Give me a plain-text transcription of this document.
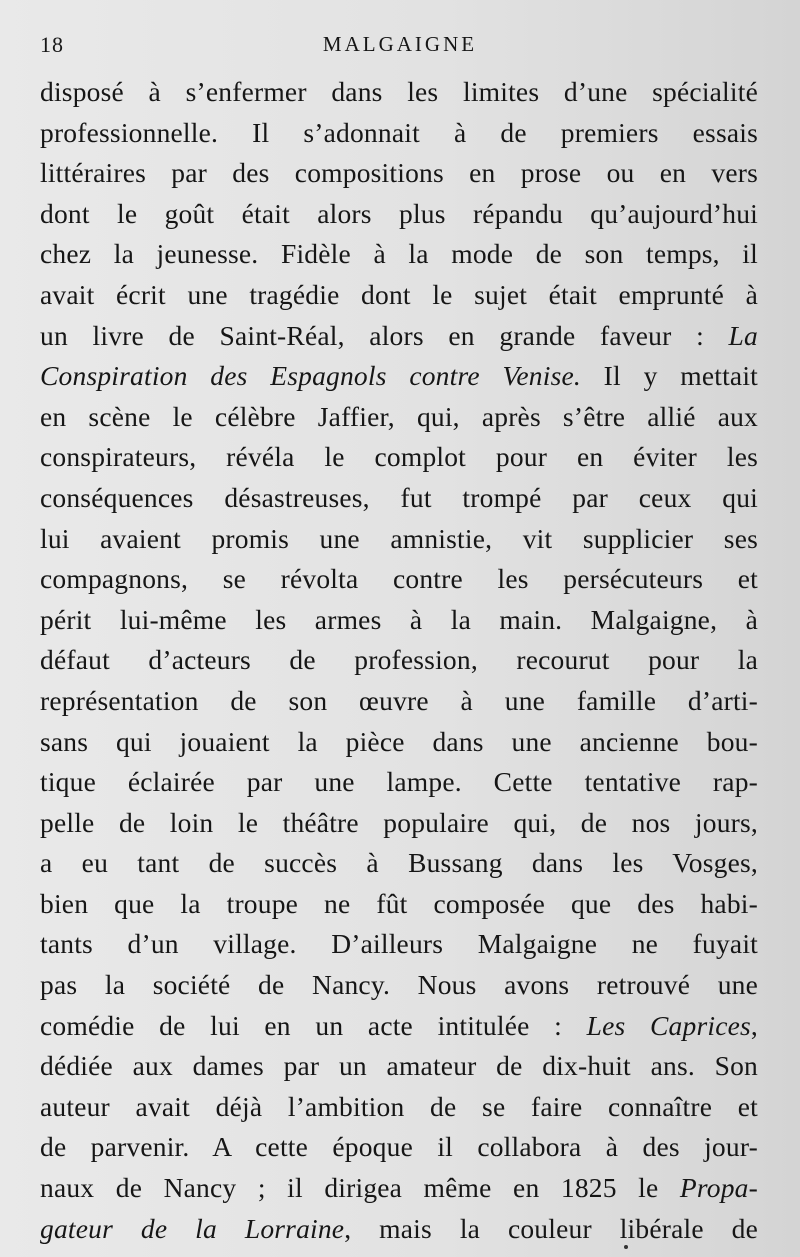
18	MALGAIGNE
disposé à s’enfermer dans les limites d’une spécialité
professionnelle. Il s’adonnait à de premiers essais
littéraires par des compositions en prose ou en vers
dont le goût était alors plus répandu qu’aujourd’hui
chez la jeunesse. Fidèle à la mode de son temps, il
avait écrit une tragédie dont le sujet était emprunté à
un livre de Saint-Réal, alors en grande faveur : La
Conspiration des Espagnols contre Venise. Il y mettait
en scène le célèbre Jaffier, qui, après s’être allié aux
conspirateurs, révéla le complot pour en éviter les
conséquences désastreuses, fut trompé par ceux qui
lui avaient promis une amnistie, vit supplicier ses
compagnons, se révolta contre les persécuteurs et
périt lui-même les armes à la main. Malgaigne, à
défaut d’acteurs de profession, recourut pour la
représentation de son œuvre à une famille d’arti-
sans qui jouaient la pièce dans une ancienne bou-
tique éclairée par une lampe. Cette tentative rap-
pelle de loin le théâtre populaire qui, de nos jours,
a eu tant de succès à Bussang dans les Vosges,
bien que la troupe ne fût composée que des habi-
tants d’un village. D’ailleurs Malgaigne ne fuyait
pas la société de Nancy. Nous avons retrouvé une
comédie de lui en un acte intitulée : Les Caprices,
dédiée aux dames par un amateur de dix-huit ans. Son
auteur avait déjà l’ambition de se faire connaître et
de parvenir. A cette époque il collabora à des jour-
naux de Nancy ; il dirigea même en 1825 le Propa-
gateur de la Lorraine, mais la couleur libérale de
